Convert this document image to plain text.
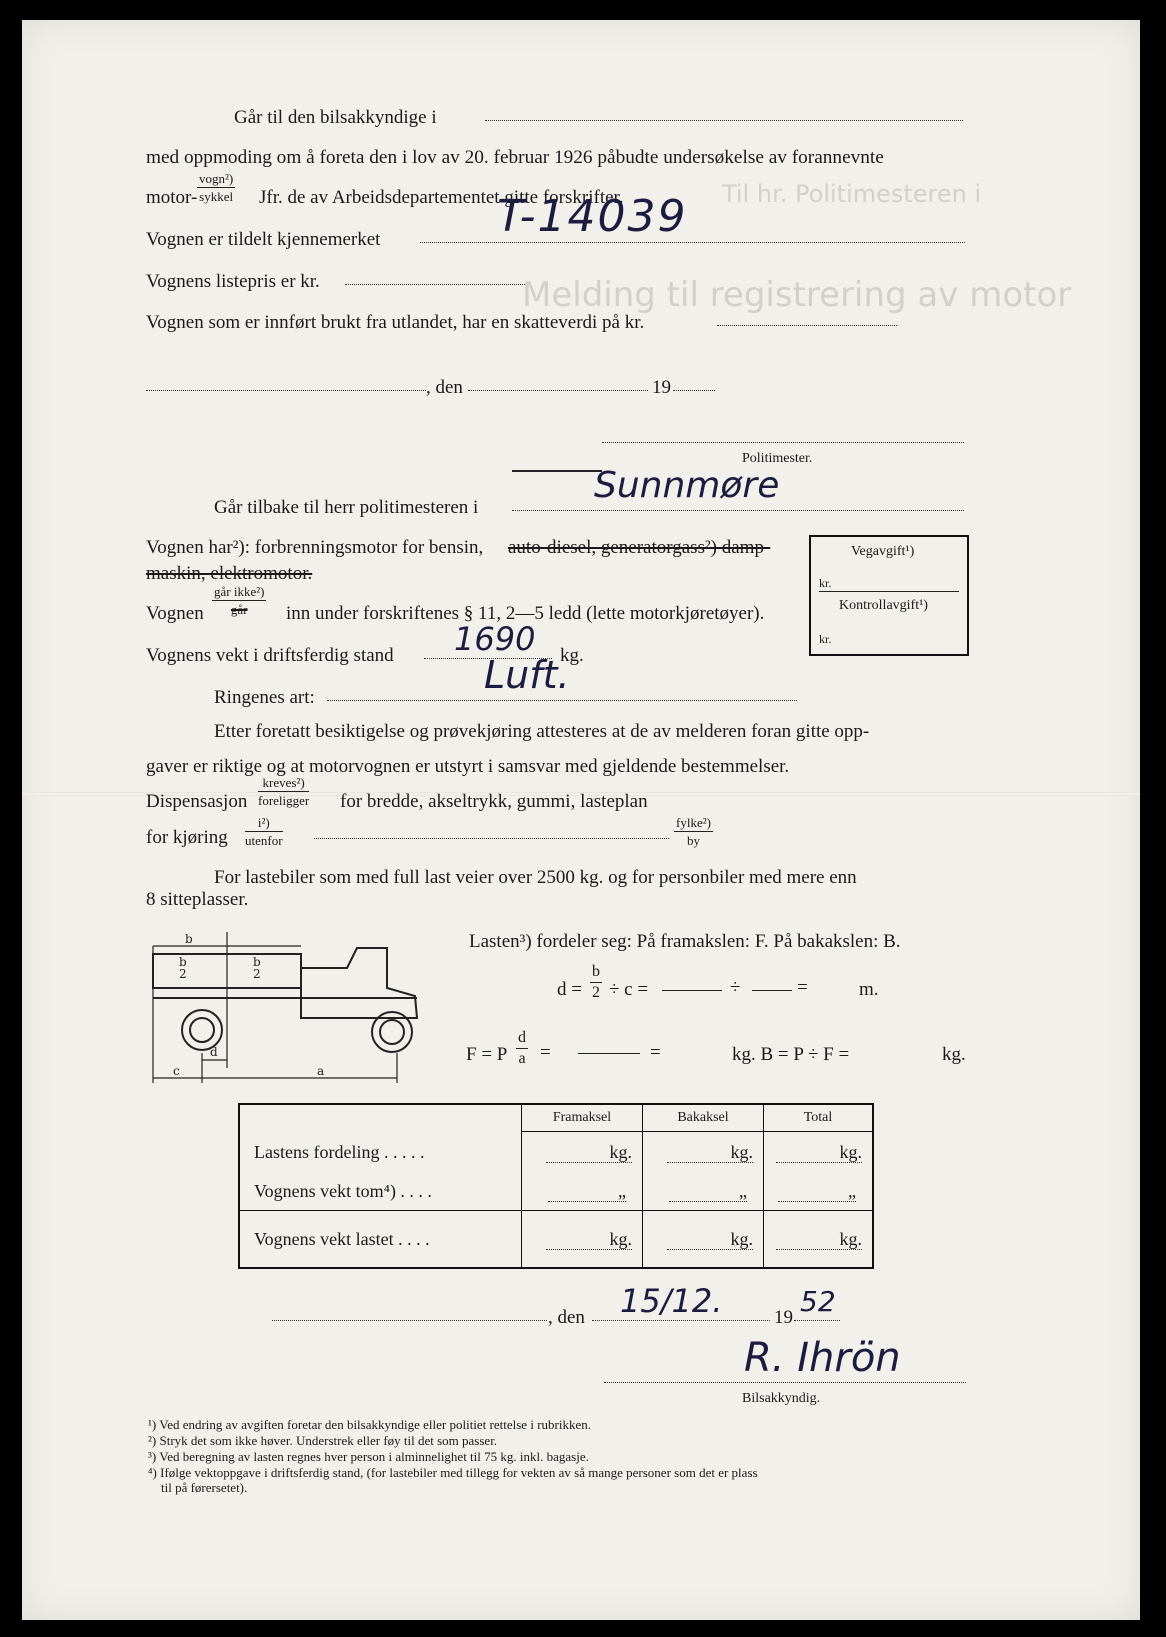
Melding til registrering av motor
Til hr. Politimesteren i
Går til den bilsakkyndige i
med oppmoding om å foreta den i lov av 20. februar 1926 påbudte undersøkelse av forannevnte
motor-
vogn²)
sykkel Jfr. de av Arbeidsdepartementet gitte forskrifter.
Vognen er tildelt kjennemerket	T-14039
Vognens listepris er kr.
Vognen som er innført brukt fra utlandet, har en skatteverdi på kr.
, den	19
Politimester.
Går tilbake til herr politimesteren i
Sunnmøre
Vognen har²): forbrenningsmotor for bensin, auto-diesel, generatorgass²) damp-
maskin, elektromotor.
Vognen
går ikke²)
går	inn under forskriftenes § 11, 2—5 ledd (lette motorkjøretøyer).
Vognens vekt i driftsferdig stand 1690 kg.
Ringenes art:
Luft.
Etter foretatt besiktigelse og prøvekjøring attesteres at de av melderen foran gitte opp-
gaver er riktige og at motorvognen er utstyrt i samsvar med gjeldende bestemmelser.
Dispensasjon
kreves²)
foreligger for bredde, akseltrykk, gummi, lasteplan
for kjøring
i²)
utenfor
fylke²)
by
For lastebiler som med full last veier over 2500 kg. og for personbiler med mere enn
8 sitteplasser.
Vegavgift¹)
kr.
Kontrollavgift¹)
kr.
b
b
2
b
2
d
c	a
Lasten³) fordeler seg: På framakslen: F. På bakakslen: B.
$d = \frac{b}{2} \div c$ =	÷	=	m.
F = P $\frac{d}{a}$ =	=	kg. B = P ÷ F =	kg.
	Framaksel	Bakaksel	Total
Lastens fordeling . . . . .	kg.	kg.	kg.
Vognens vekt tom⁴) . . . .	„	„	„
Vognens vekt lastet . . . .	kg.	kg.	kg.
, den 15/12.	19 52
R. Ihrön
Bilsakkyndig.
¹) Ved endring av avgiften foretar den bilsakkyndige eller politiet rettelse i rubrikken.
²) Stryk det som ikke høver. Understrek eller føy til det som passer.
³) Ved beregning av lasten regnes hver person i alminnelighet til 75 kg. inkl. bagasje.
⁴) Ifølge vektoppgave i driftsferdig stand, (for lastebiler med tillegg for vekten av så mange personer som det er plass
til på førersetet).
